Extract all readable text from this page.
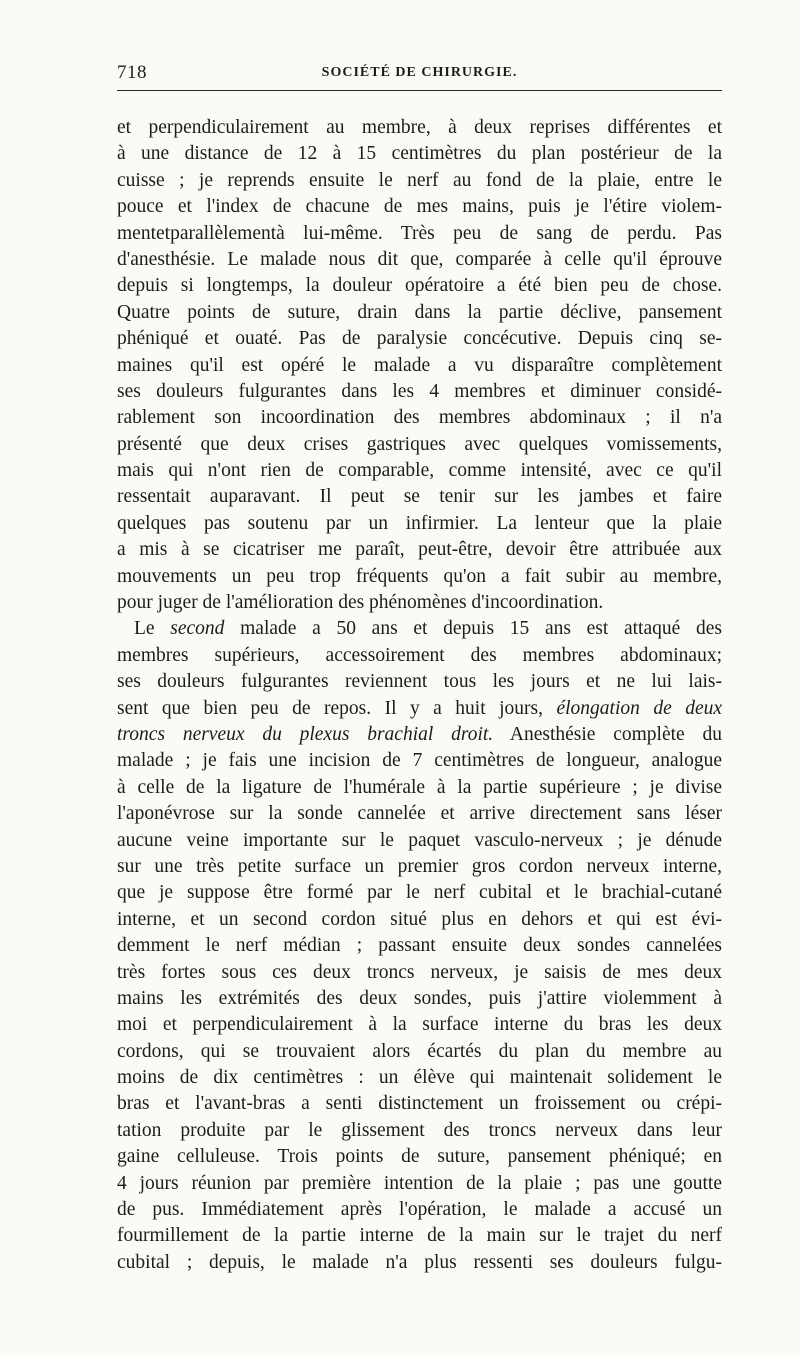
718	SOCIÉTÉ DE CHIRURGIE.
et perpendiculairement au membre, à deux reprises différentes et
à une distance de 12 à 15 centimètres du plan postérieur de la
cuisse ; je reprends ensuite le nerf au fond de la plaie, entre le
pouce et l'index de chacune de mes mains, puis je l'étire violem-
mentetparallèlementà lui-même. Très peu de sang de perdu. Pas
d'anesthésie. Le malade nous dit que, comparée à celle qu'il éprouve
depuis si longtemps, la douleur opératoire a été bien peu de chose.
Quatre points de suture, drain dans la partie déclive, pansement
phéniqué et ouaté. Pas de paralysie concécutive. Depuis cinq se-
maines qu'il est opéré le malade a vu disparaître complètement
ses douleurs fulgurantes dans les 4 membres et diminuer considé-
rablement son incoordination des membres abdominaux ; il n'a
présenté que deux crises gastriques avec quelques vomissements,
mais qui n'ont rien de comparable, comme intensité, avec ce qu'il
ressentait auparavant. Il peut se tenir sur les jambes et faire
quelques pas soutenu par un infirmier. La lenteur que la plaie
a mis à se cicatriser me paraît, peut-être, devoir être attribuée aux
mouvements un peu trop fréquents qu'on a fait subir au membre,
pour juger de l'amélioration des phénomènes d'incoordination.
Le second malade a 50 ans et depuis 15 ans est attaqué des
membres supérieurs, accessoirement des membres abdominaux;
ses douleurs fulgurantes reviennent tous les jours et ne lui lais-
sent que bien peu de repos. Il y a huit jours, élongation de deux
troncs nerveux du plexus brachial droit. Anesthésie complète du
malade ; je fais une incision de 7 centimètres de longueur, analogue
à celle de la ligature de l'humérale à la partie supérieure ; je divise
l'aponévrose sur la sonde cannelée et arrive directement sans léser
aucune veine importante sur le paquet vasculo-nerveux ; je dénude
sur une très petite surface un premier gros cordon nerveux interne,
que je suppose être formé par le nerf cubital et le brachial-cutané
interne, et un second cordon situé plus en dehors et qui est évi-
demment le nerf médian ; passant ensuite deux sondes cannelées
très fortes sous ces deux troncs nerveux, je saisis de mes deux
mains les extrémités des deux sondes, puis j'attire violemment à
moi et perpendiculairement à la surface interne du bras les deux
cordons, qui se trouvaient alors écartés du plan du membre au
moins de dix centimètres : un élève qui maintenait solidement le
bras et l'avant-bras a senti distinctement un froissement ou crépi-
tation produite par le glissement des troncs nerveux dans leur
gaine celluleuse. Trois points de suture, pansement phéniqué; en
4 jours réunion par première intention de la plaie ; pas une goutte
de pus. Immédiatement après l'opération, le malade a accusé un
fourmillement de la partie interne de la main sur le trajet du nerf
cubital ; depuis, le malade n'a plus ressenti ses douleurs fulgu-
